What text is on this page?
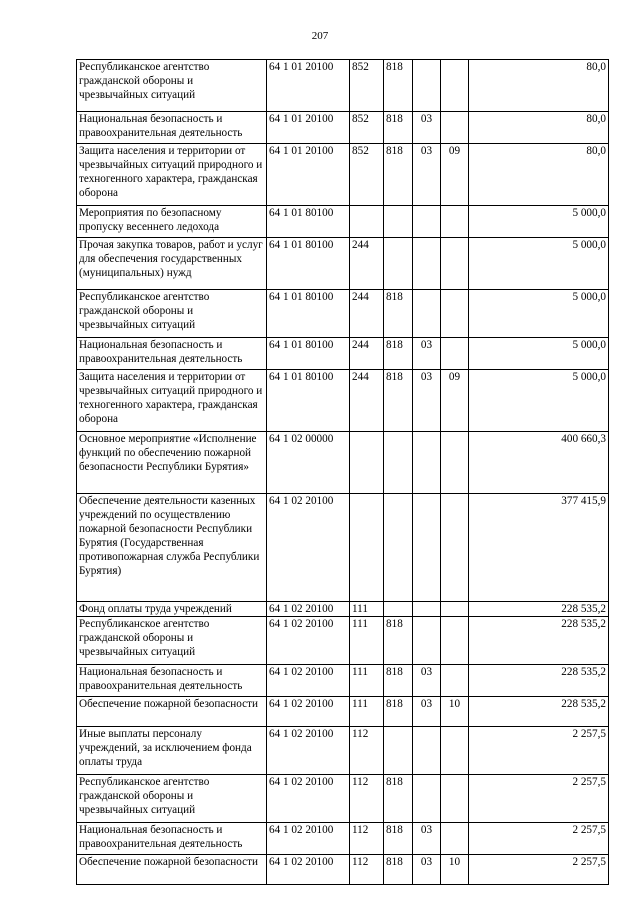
207
Республиканское агентство гражданской обороны и чрезвычайных ситуаций	64 1 01 20100	852	818			80,0
Национальная безопасность и правоохранительная деятельность	64 1 01 20100	852	818	03		80,0
Защита населения и территории от чрезвычайных ситуаций природного и техногенного характера, гражданская оборона	64 1 01 20100	852	818	03	09	80,0
Мероприятия по безопасному пропуску весеннего ледохода	64 1 01 80100					5 000,0
Прочая закупка товаров, работ и услуг для обеспечения государственных (муниципальных) нужд	64 1 01 80100	244				5 000,0
Республиканское агентство гражданской обороны и чрезвычайных ситуаций	64 1 01 80100	244	818			5 000,0
Национальная безопасность и правоохранительная деятельность	64 1 01 80100	244	818	03		5 000,0
Защита населения и территории от чрезвычайных ситуаций природного и техногенного характера, гражданская оборона	64 1 01 80100	244	818	03	09	5 000,0
Основное мероприятие «Исполнение функций по обеспечению пожарной безопасности Республики Бурятия»	64 1 02 00000					400 660,3
Обеспечение деятельности казенных учреждений по осуществлению пожарной безопасности Республики Бурятия (Государственная противопожарная служба Республики Бурятия)	64 1 02 20100					377 415,9
Фонд оплаты труда учреждений	64 1 02 20100	111				228 535,2
Республиканское агентство гражданской обороны и чрезвычайных ситуаций	64 1 02 20100	111	818			228 535,2
Национальная безопасность и правоохранительная деятельность	64 1 02 20100	111	818	03		228 535,2
Обеспечение пожарной безопасности	64 1 02 20100	111	818	03	10	228 535,2
Иные выплаты персоналу учреждений, за исключением фонда оплаты труда	64 1 02 20100	112				2 257,5
Республиканское агентство гражданской обороны и чрезвычайных ситуаций	64 1 02 20100	112	818			2 257,5
Национальная безопасность и правоохранительная деятельность	64 1 02 20100	112	818	03		2 257,5
Обеспечение пожарной безопасности	64 1 02 20100	112	818	03	10	2 257,5
